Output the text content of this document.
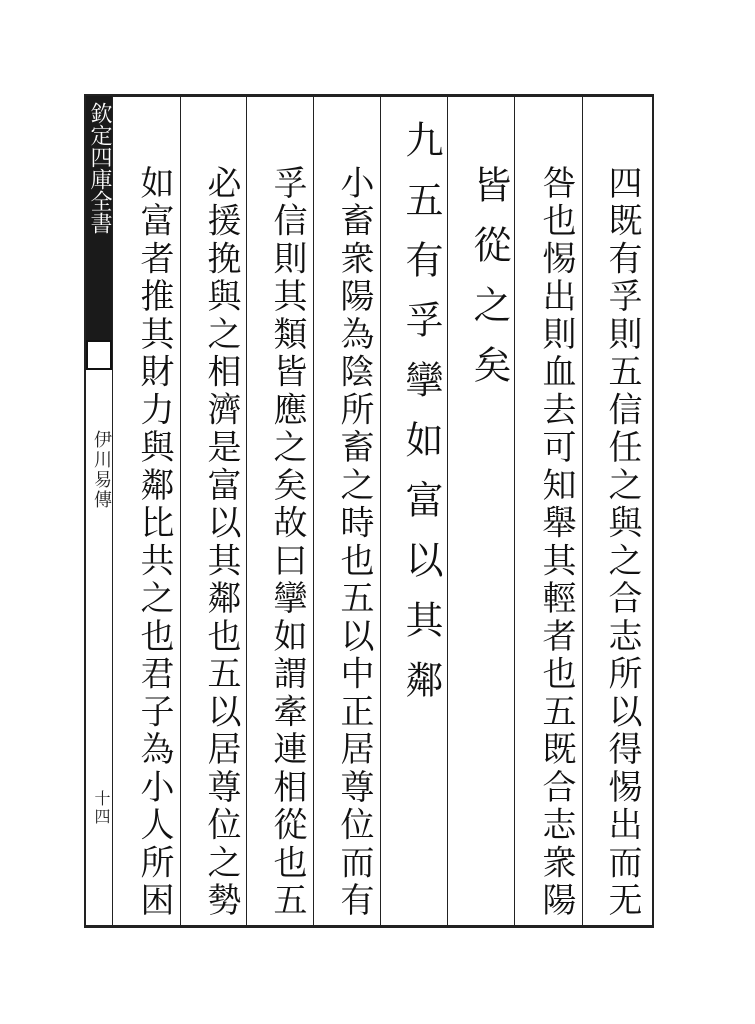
欽定四庫全書
伊川易傳
十四	四既有孚則五信任之與之合志所以得惕出而无
咎也惕出則血去可知舉其輕者也五既合志衆陽
皆從之矣
九五有孚攣如富以其鄰
小畜衆陽為陰所畜之時也五以中正居尊位而有
孚信則其類皆應之矣故曰攣如謂牽連相從也五
必援挽與之相濟是富以其鄰也五以居尊位之勢
如富者推其財力與鄰比共之也君子為小人所困
